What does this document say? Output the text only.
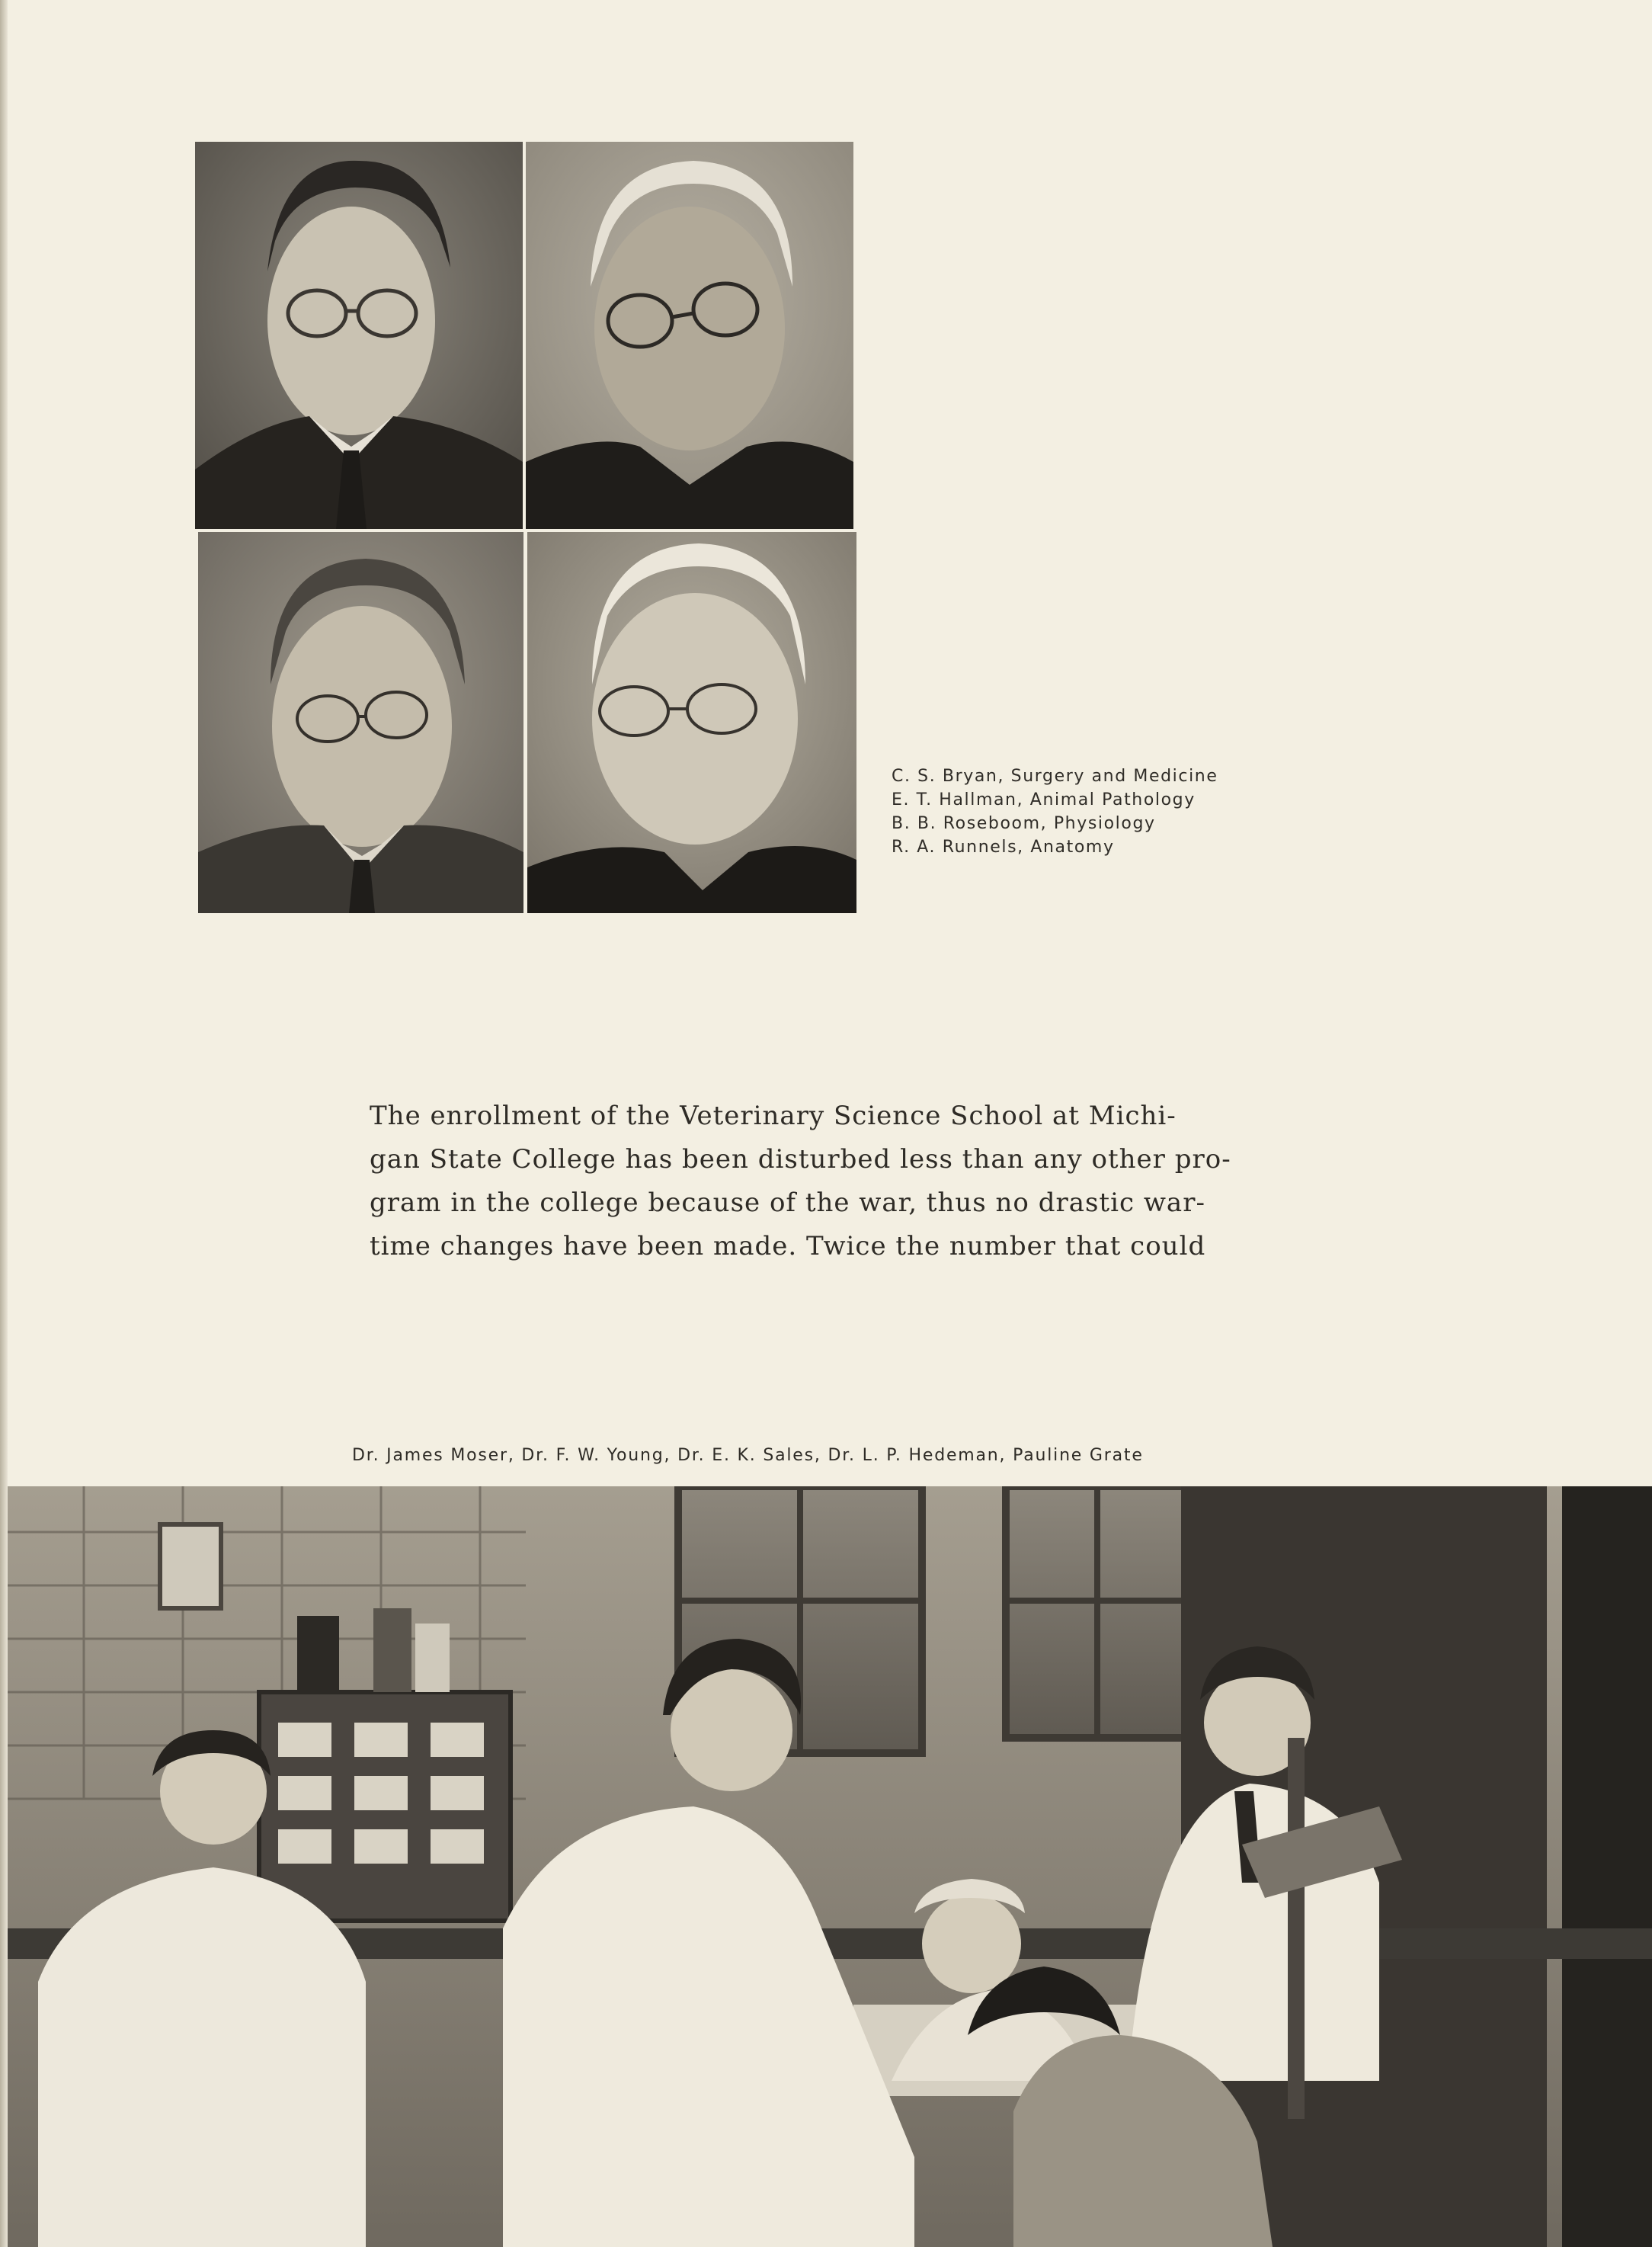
C. S. Bryan, Surgery and Medicine
E. T. Hallman, Animal Pathology
B. B. Roseboom, Physiology
R. A. Runnels, Anatomy
The enrollment of the Veterinary Science School at Michi-
gan State College has been disturbed less than any other pro-
gram in the college because of the war, thus no drastic war-
time changes have been made. Twice the number that could
Dr. James Moser, Dr. F. W. Young, Dr. E. K. Sales, Dr. L. P. Hedeman, Pauline Grate
